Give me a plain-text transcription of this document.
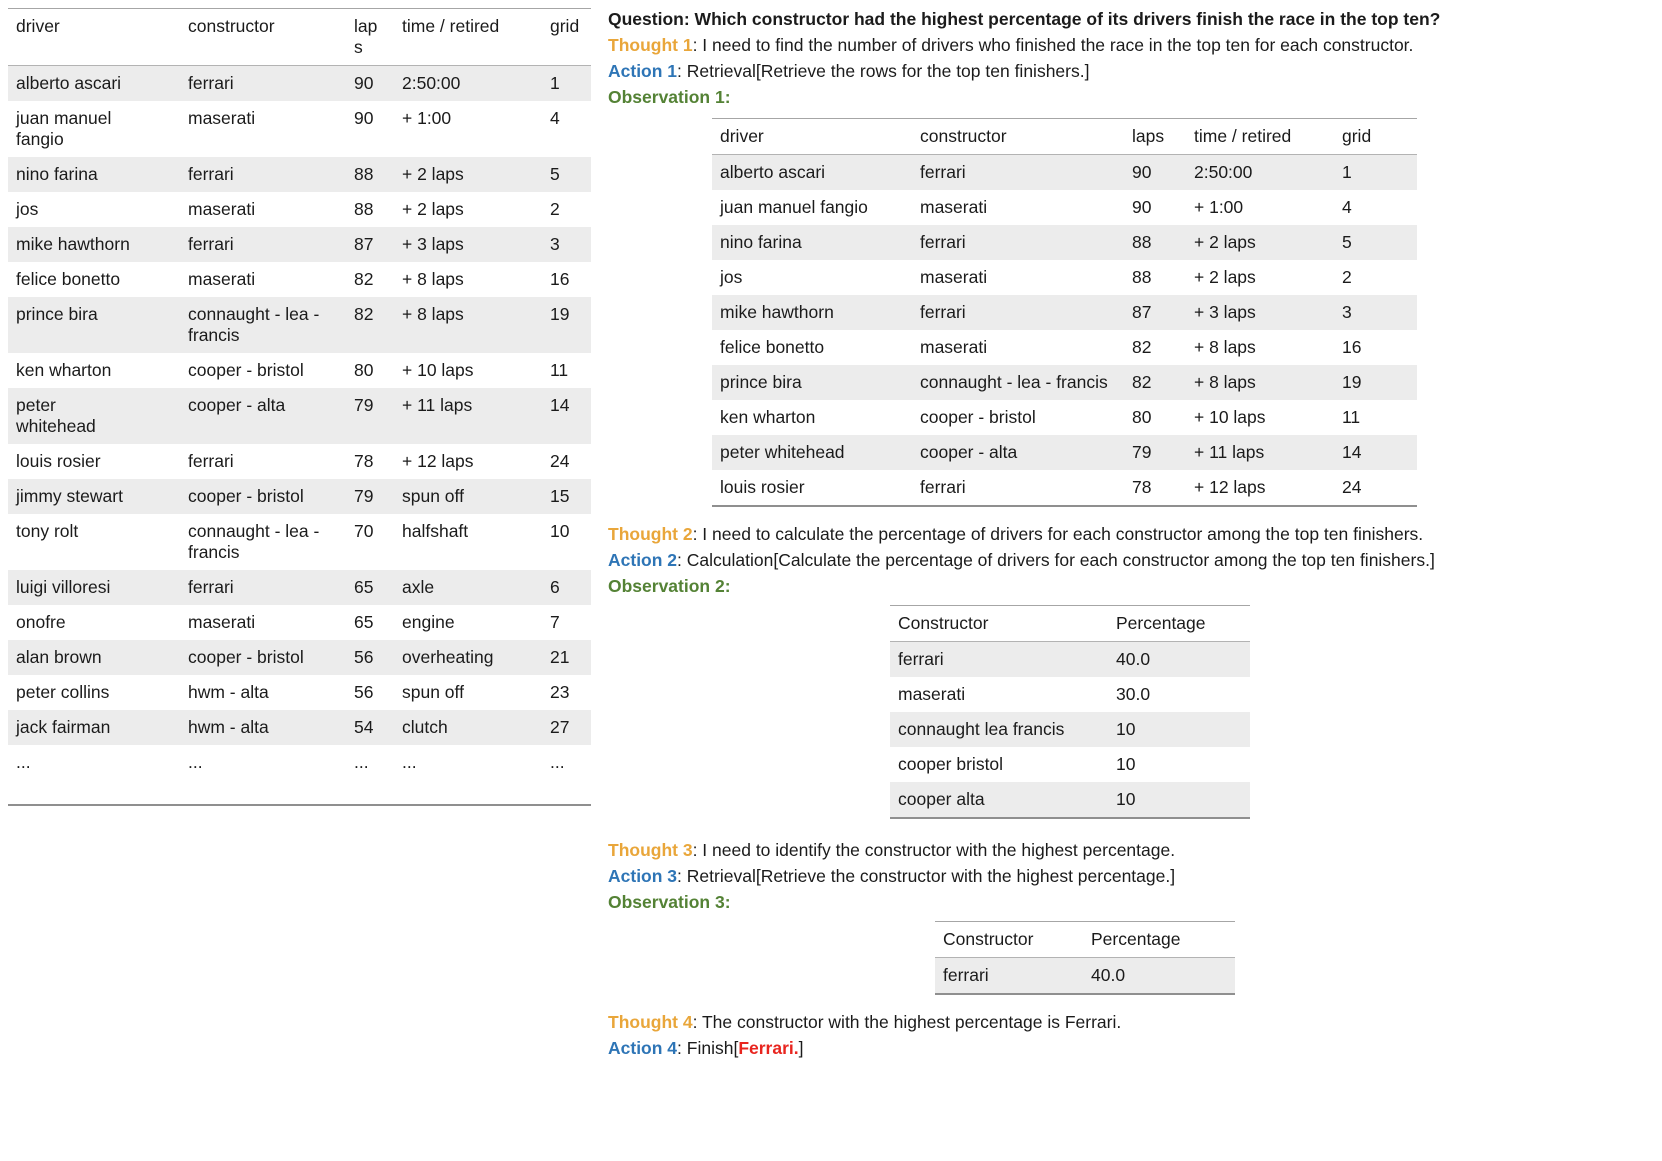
driver	constructor	laps	time / retired	grid
alberto ascari	ferrari	90	2:50:00	1
juan manuel fangio	maserati	90	+ 1:00	4
nino farina	ferrari	88	+ 2 laps	5
jos	maserati	88	+ 2 laps	2
mike hawthorn	ferrari	87	+ 3 laps	3
felice bonetto	maserati	82	+ 8 laps	16
prince bira	connaught - lea - francis	82	+ 8 laps	19
ken wharton	cooper - bristol	80	+ 10 laps	11
peter whitehead	cooper - alta	79	+ 11 laps	14
louis rosier	ferrari	78	+ 12 laps	24
jimmy stewart	cooper - bristol	79	spun off	15
tony rolt	connaught - lea - francis	70	halfshaft	10
luigi villoresi	ferrari	65	axle	6
onofre	maserati	65	engine	7
alan brown	cooper - bristol	56	overheating	21
peter collins	hwm - alta	56	spun off	23
jack fairman	hwm - alta	54	clutch	27
...	...	...	...	...

Question: Which constructor had the highest percentage of its drivers finish the race in the top ten?

Thought 1: I need to find the number of drivers who finished the race in the top ten for each constructor.

Action 1: Retrieval[Retrieve the rows for the top ten finishers.]

Observation 1:

driver	constructor	laps	time / retired	grid
alberto ascari	ferrari	90	2:50:00	1
juan manuel fangio	maserati	90	+ 1:00	4
nino farina	ferrari	88	+ 2 laps	5
jos	maserati	88	+ 2 laps	2
mike hawthorn	ferrari	87	+ 3 laps	3
felice bonetto	maserati	82	+ 8 laps	16
prince bira	connaught - lea - francis	82	+ 8 laps	19
ken wharton	cooper - bristol	80	+ 10 laps	11
peter whitehead	cooper - alta	79	+ 11 laps	14
louis rosier	ferrari	78	+ 12 laps	24

Thought 2: I need to calculate the percentage of drivers for each constructor among the top ten finishers.

Action 2: Calculation[Calculate the percentage of drivers for each constructor among the top ten finishers.]

Observation 2:

Constructor	Percentage
ferrari	40.0
maserati	30.0
connaught lea francis	10
cooper bristol	10
cooper alta	10

Thought 3: I need to identify the constructor with the highest percentage.

Action 3: Retrieval[Retrieve the constructor with the highest percentage.]

Observation 3:

Constructor	Percentage
ferrari	40.0

Thought 4: The constructor with the highest percentage is Ferrari.

Action 4: Finish[Ferrari.]
